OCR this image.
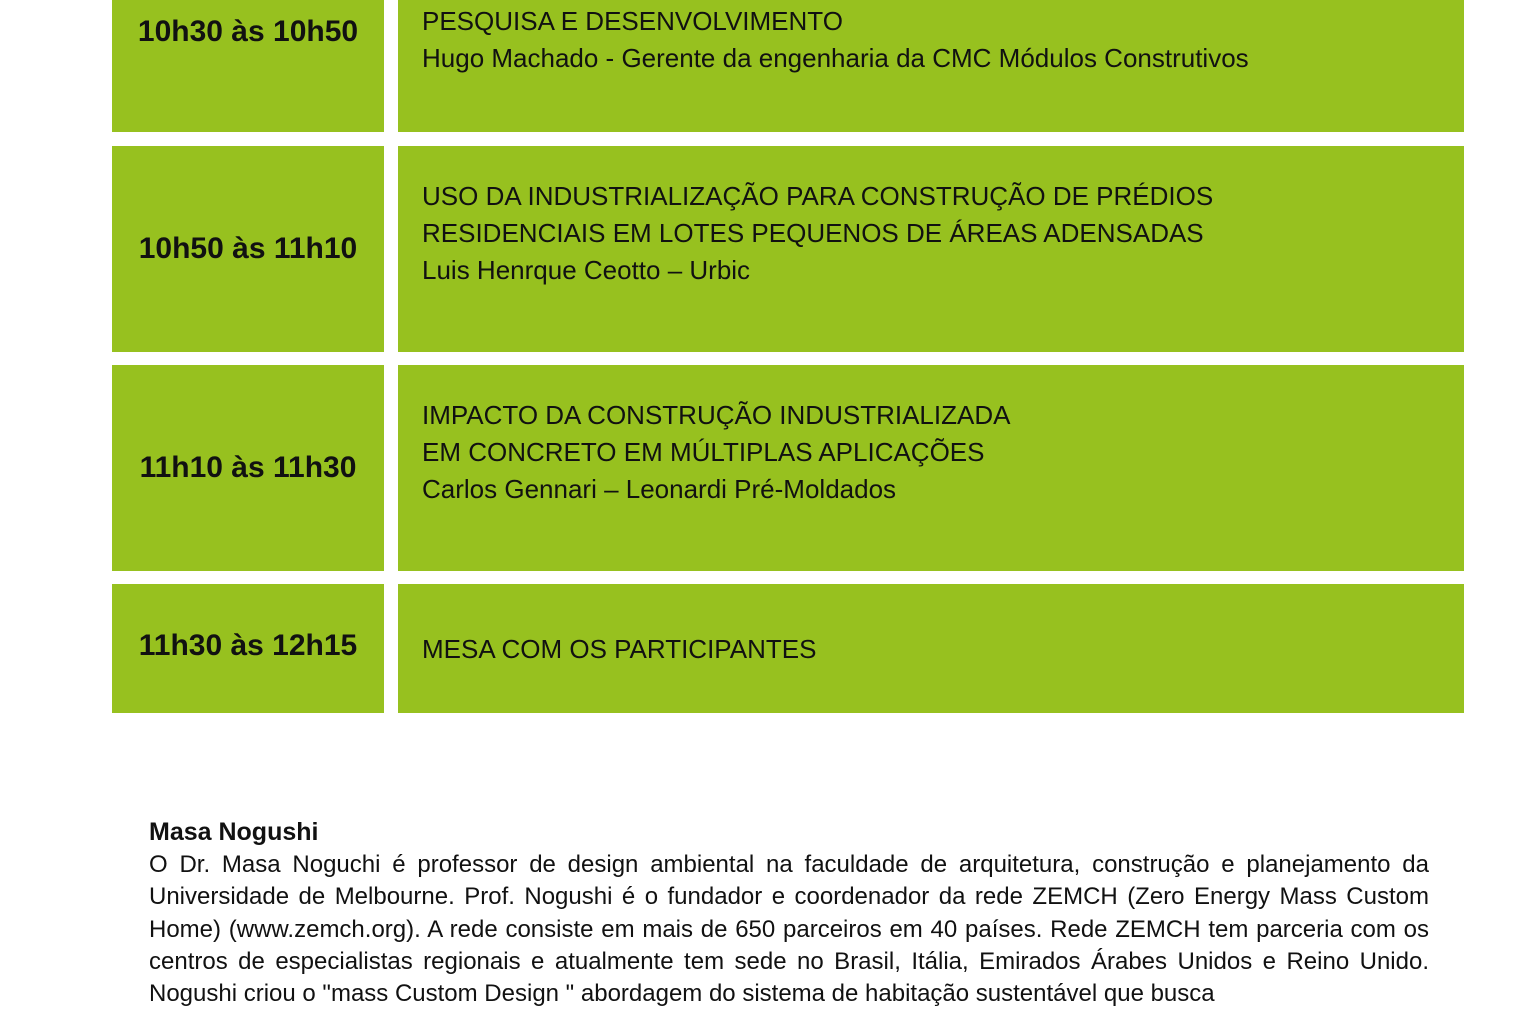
10h30 às 10h50 PESQUISA E DESENVOLVIMENTO
Hugo Machado - Gerente da engenharia da CMC Módulos Construtivos
10h50 às 11h10
USO DA INDUSTRIALIZAÇÃO PARA CONSTRUÇÃO DE PRÉDIOS
RESIDENCIAIS EM LOTES PEQUENOS DE ÁREAS ADENSADAS
Luis Henrque Ceotto – Urbic
11h10 às 11h30
IMPACTO DA CONSTRUÇÃO INDUSTRIALIZADA
EM CONCRETO EM MÚLTIPLAS APLICAÇÕES
Carlos Gennari – Leonardi Pré-Moldados
11h30 às 12h15 MESA COM OS PARTICIPANTES

Masa Nogushi

O Dr. Masa Noguchi é professor de design ambiental na faculdade de arquitetura, construção e planejamento da Universidade de Melbourne. Prof. Nogushi é o fundador e coordenador da rede ZEMCH (Zero Energy Mass Custom Home) (www.zemch.org). A rede consiste em mais de 650 parceiros em 40 países. Rede ZEMCH tem parceria com os centros de especialistas regionais e atualmente tem sede no Brasil, Itália, Emirados Árabes Unidos e Reino Unido. Nogushi criou o "mass Custom Design " abordagem do sistema de habitação sustentável que busca
